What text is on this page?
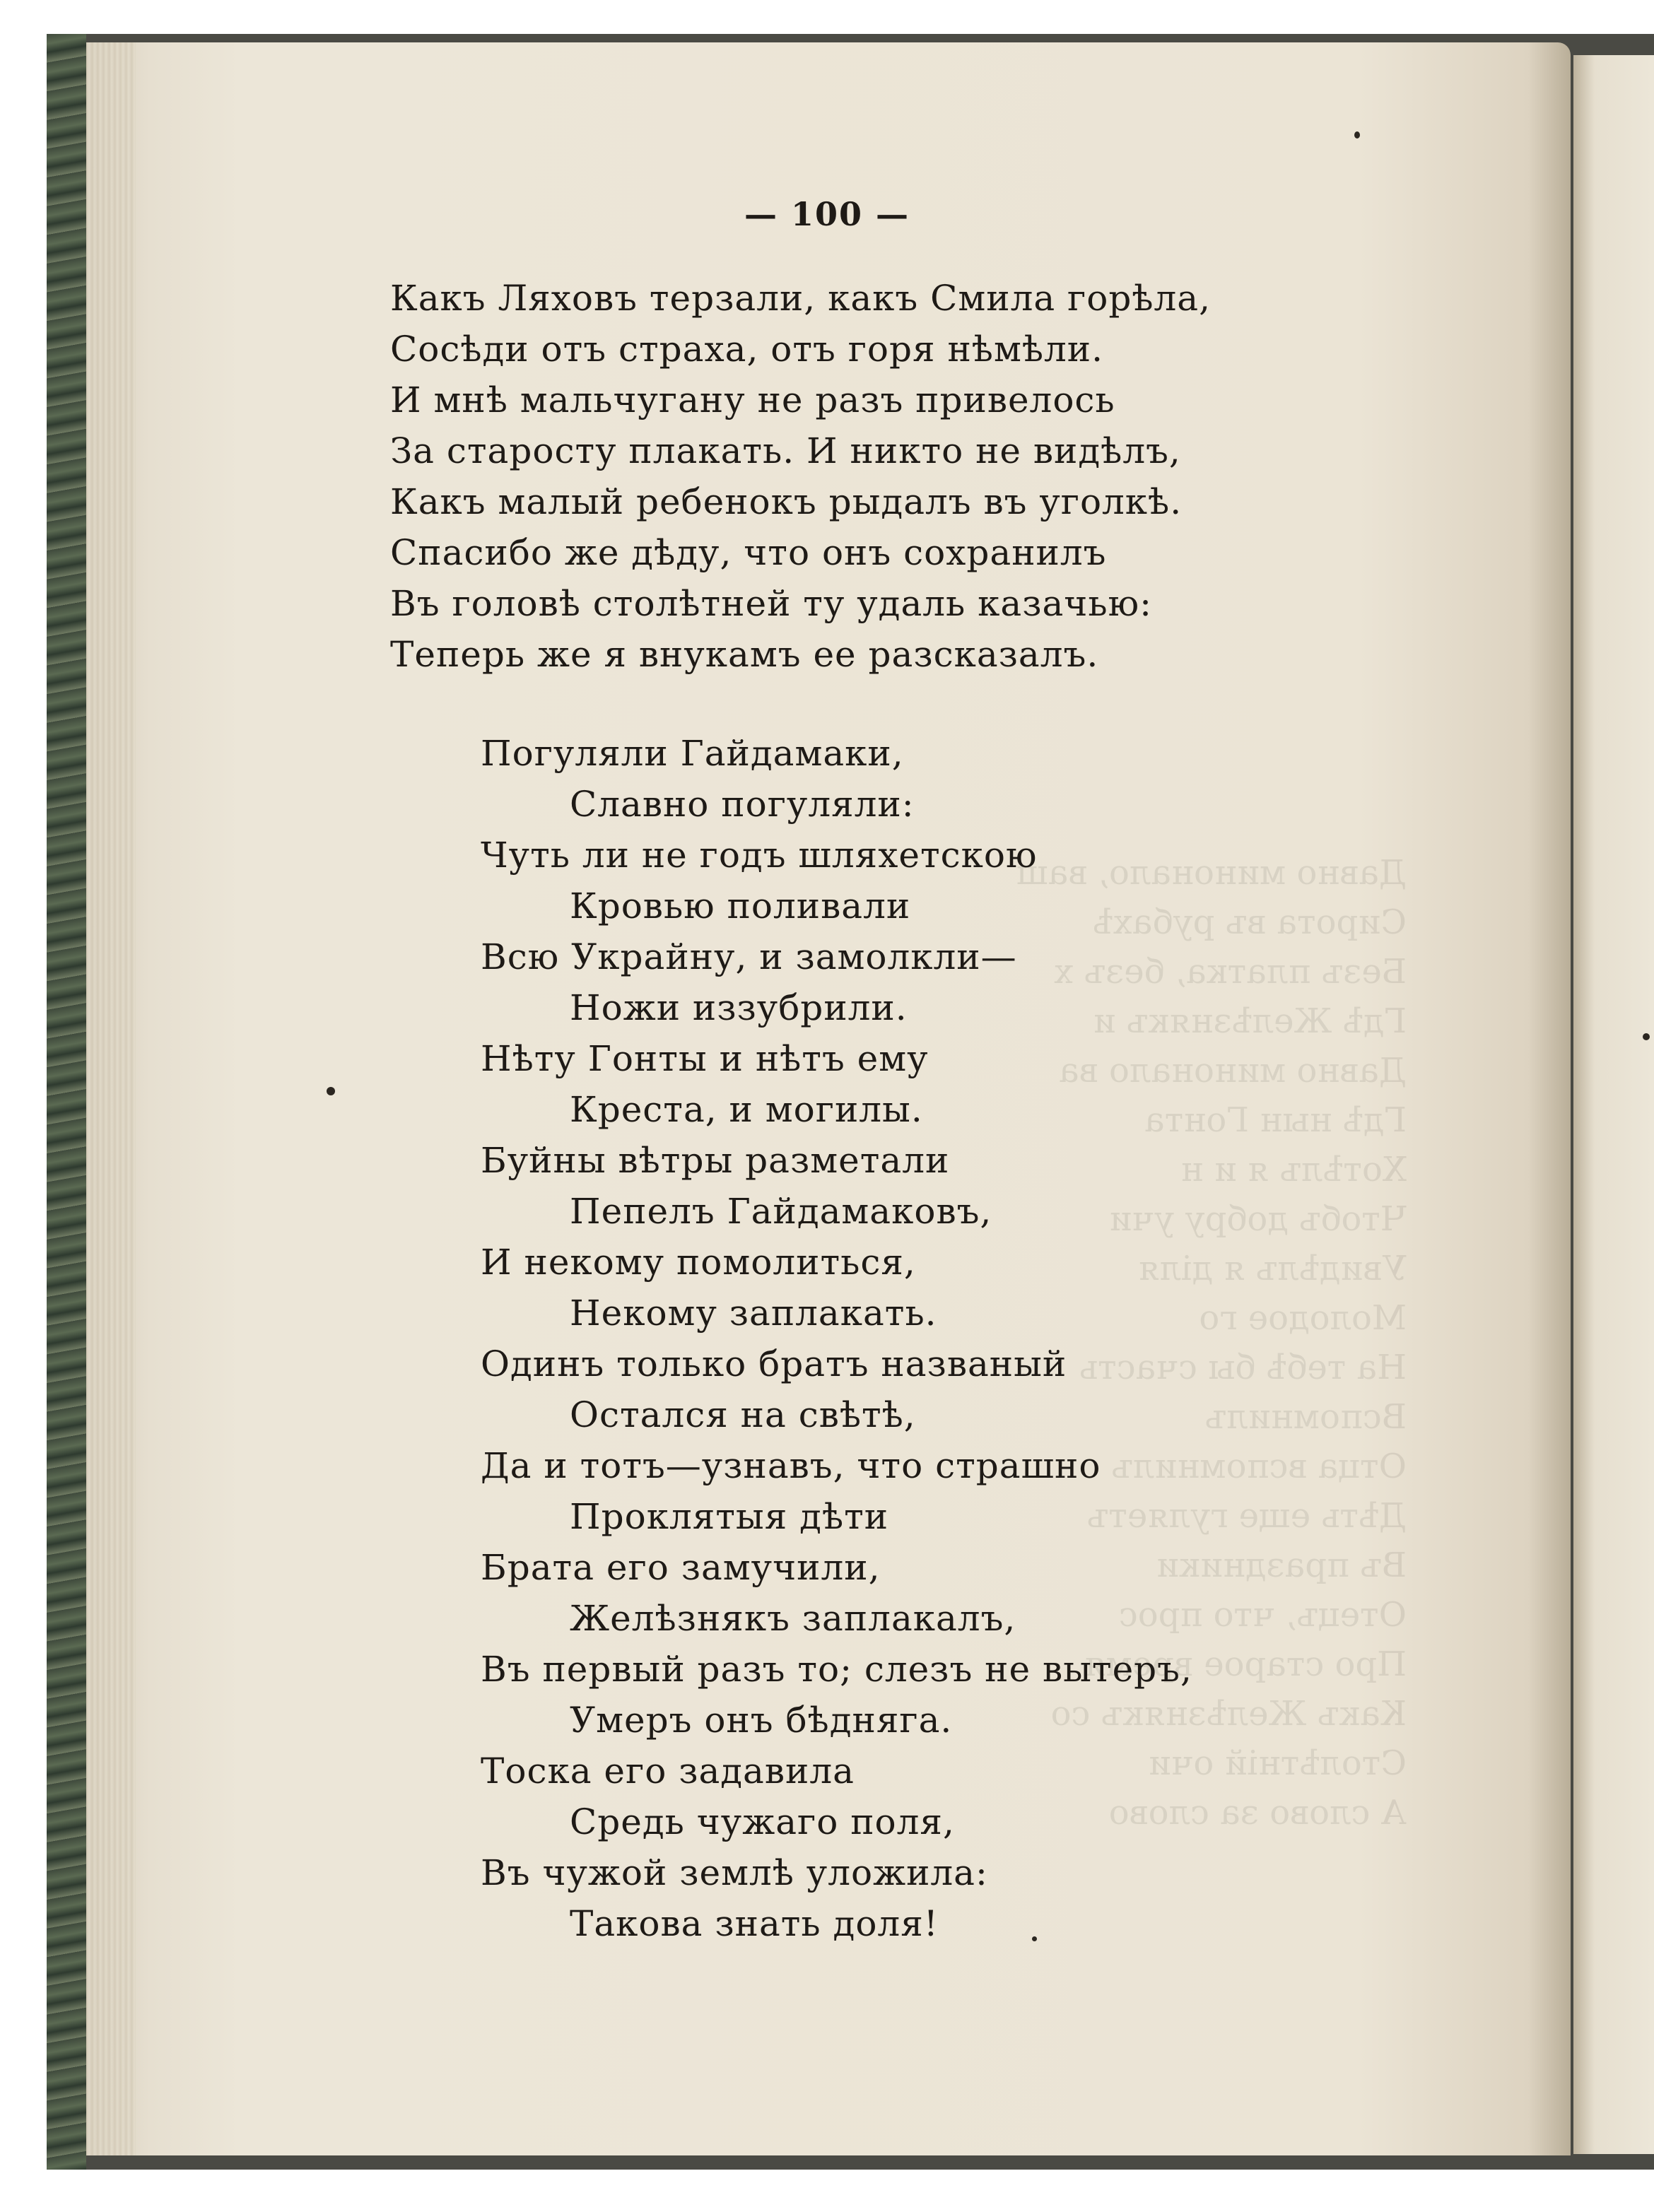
Давно минонало, ваш
Сирота въ рубахѣ
Безъ платка, безъ х
Гдѣ Желѣзнякъ и
Давно минонало ва
Гдѣ нын Гонта
Хотѣлъ я и н
Чтобъ добру учи
Увидѣлъ я діля
Молодое го
На тебѣ бы счасть
Вспомнилъ
Отца вспомнилъ
Дѣть еще гуляетъ
Въ праздники
Отецъ, что прос
Про старое время
Какъ Желѣзнякъ со
Столѣтній очи
А слово за слово
— 100 —
Какъ Ляховъ терзали, какъ Смила горѣла,
Сосѣди отъ страха, отъ горя нѣмѣли.
И мнѣ мальчугану не разъ привелось
За старосту плакать. И никто не видѣлъ,
Какъ малый ребенокъ рыдалъ въ уголкѣ.
Спасибо же дѣду, что онъ сохранилъ
Въ головѣ столѣтней ту удаль казачью:
Теперь же я внукамъ ее разсказалъ.
Погуляли Гайдамаки,
Славно погуляли:
Чуть ли не годъ шляхетскою
Кровью поливали
Всю Украйну, и замолкли—
Ножи иззубрили.
Нѣту Гонты и нѣтъ ему
Креста, и могилы.
Буйны вѣтры разметали
Пепелъ Гайдамаковъ,
И некому помолиться,
Некому заплакать.
Одинъ только братъ названый
Остался на свѣтѣ,
Да и тотъ—узнавъ, что страшно
Проклятыя дѣти
Брата его замучили,
Желѣзнякъ заплакалъ,
Въ первый разъ то; слезъ не вытеръ,
Умеръ онъ бѣдняга.
Тоска его задавила
Средь чужаго поля,
Въ чужой землѣ уложила:
Такова знать доля!
